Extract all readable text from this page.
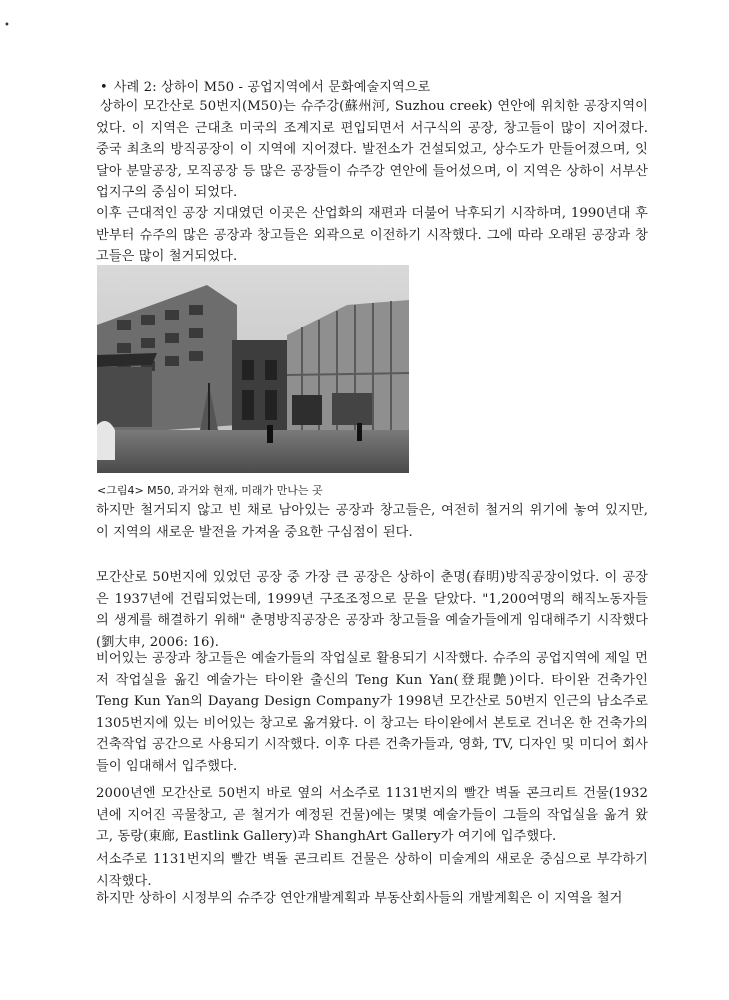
•
• 사례 2: 상하이 M50 - 공업지역에서 문화예술지역으로
상하이 모간산로 50번지(M50)는 슈주강(蘇州河, Suzhou creek) 연안에 위치한 공장지역이었다. 이 지역은 근대초 미국의 조계지로 편입되면서 서구식의 공장, 창고들이 많이 지어졌다. 중국 최초의 방직공장이 이 지역에 지어졌다. 발전소가 건설되었고, 상수도가 만들어졌으며, 잇달아 분말공장, 모직공장 등 많은 공장들이 슈주강 연안에 들어섰으며, 이 지역은 상하이 서부산업지구의 중심이 되었다.
이후 근대적인 공장 지대였던 이곳은 산업화의 재편과 더불어 낙후되기 시작하며, 1990년대 후반부터 슈주의 많은 공장과 창고들은 외곽으로 이전하기 시작했다. 그에 따라 오래된 공장과 창고들은 많이 철거되었다.
<그림4> M50, 과거와 현재, 미래가 만나는 곳
하지만 철거되지 않고 빈 채로 남아있는 공장과 창고들은, 여전히 철거의 위기에 놓여 있지만, 이 지역의 새로운 발전을 가져올 중요한 구심점이 된다.
모간산로 50번지에 있었던 공장 중 가장 큰 공장은 상하이 춘명(春明)방직공장이었다. 이 공장은 1937년에 건립되었는데, 1999년 구조조정으로 문을 닫았다. "1,200여명의 해직노동자들의 생계를 해결하기 위해" 춘명방직공장은 공장과 창고들을 예술가들에게 임대해주기 시작했다(劉大申, 2006: 16).
비어있는 공장과 창고들은 예술가들의 작업실로 활용되기 시작했다. 슈주의 공업지역에 제일 먼저 작업실을 옮긴 예술가는 타이완 출신의 Teng Kun Yan(登琨艶)이다. 타이완 건축가인 Teng Kun Yan의 Dayang Design Company가 1998년 모간산로 50번지 인근의 남소주로 1305번지에 있는 비어있는 창고로 옮겨왔다. 이 창고는 타이완에서 본토로 건너온 한 건축가의 건축작업 공간으로 사용되기 시작했다. 이후 다른 건축가들과, 영화, TV, 디자인 및 미디어 회사들이 임대해서 입주했다.
2000년엔 모간산로 50번지 바로 옆의 서소주로 1131번지의 빨간 벽돌 콘크리트 건물(1932년에 지어진 곡물창고, 곧 철거가 예정된 건물)에는 몇몇 예술가들이 그들의 작업실을 옮겨 왔고, 동랑(東廊, Eastlink Gallery)과 ShanghArt Gallery가 여기에 입주했다.
서소주로 1131번지의 빨간 벽돌 콘크리트 건물은 상하이 미술계의 새로운 중심으로 부각하기 시작했다.
하지만 상하이 시정부의 슈주강 연안개발계획과 부동산회사들의 개발계획은 이 지역을 철거
